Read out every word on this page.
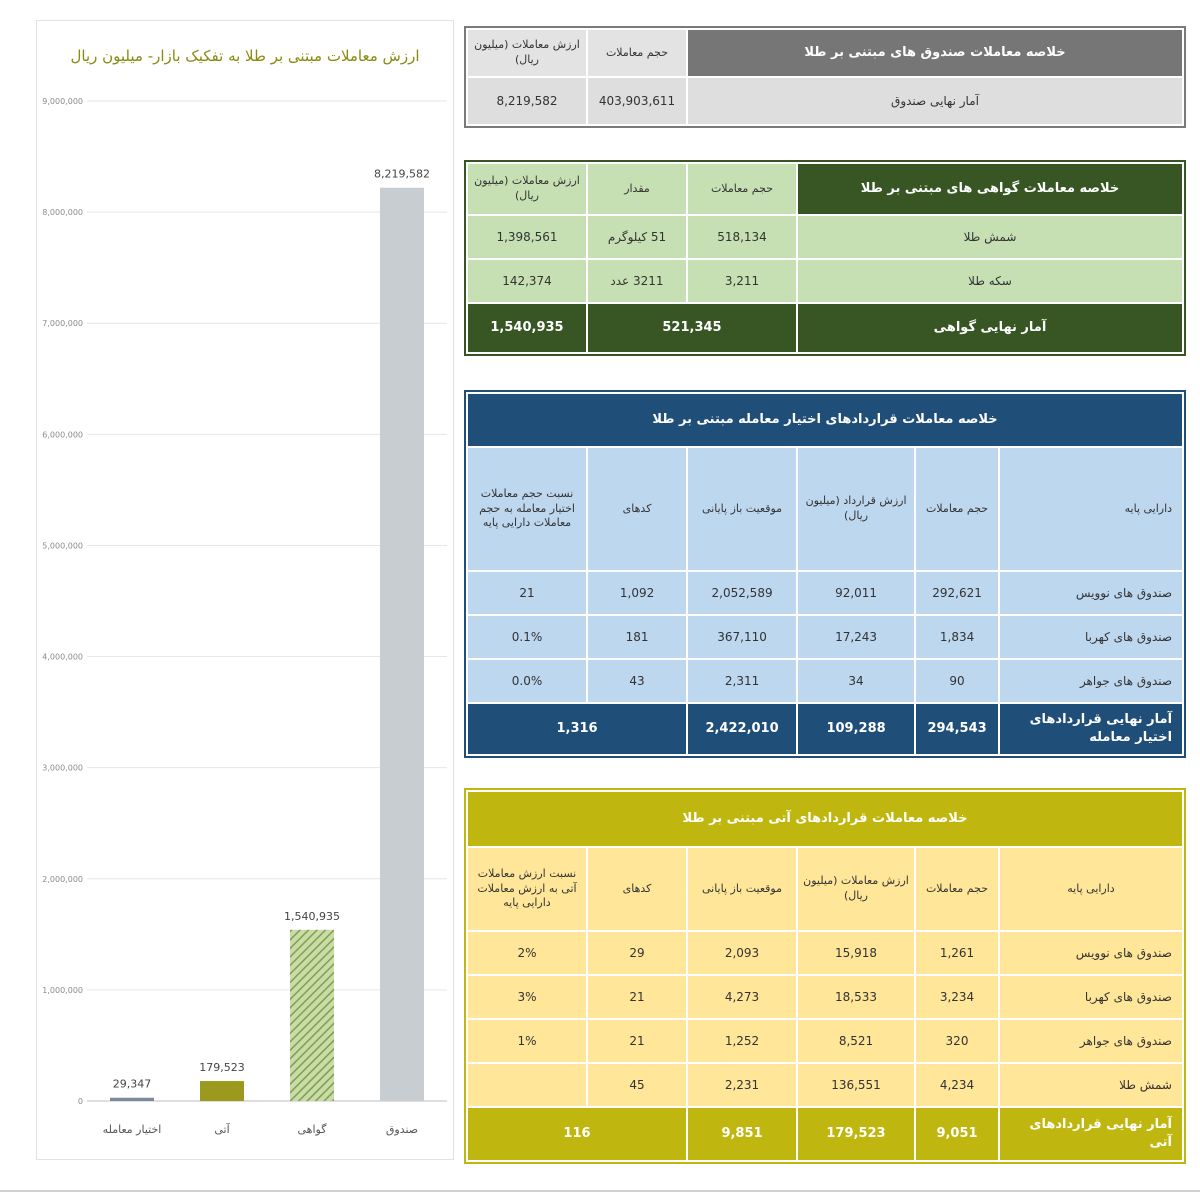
ارزش معاملات مبتنی بر طلا به تفکیک بازار- میلیون ریال
0
1,000,000
2,000,000
3,000,000
4,000,000
5,000,000
6,000,000
7,000,000
8,000,000
9,000,000
8,219,582
صندوق
1,540,935
گواهی
179,523
آتی
29,347
اختیار معامله
خلاصه معاملات صندوق های مبتنی بر طلا	حجم معاملات	ارزش معاملات (میلیون ریال)
آمار نهایی صندوق	403,903,611	8,219,582
خلاصه معاملات گواهی های مبتنی بر طلا	حجم معاملات	مقدار	ارزش معاملات (میلیون ریال)
شمش طلا	518,134	51 کیلوگرم	1,398,561
سکه طلا	3,211	3211 عدد	142,374
آمار نهایی گواهی	521,345		1,540,935
خلاصه معاملات قراردادهای اختیار معامله مبتنی بر طلا					
دارایی پایه	حجم معاملات	ارزش قرارداد (میلیون ریال)	موقعیت باز پایانی	کدهای	نسبت حجم معاملات اختیار معامله به حجم معاملات دارایی پایه
صندوق های نوویس	292,621	92,011	2,052,589	1,092	21
صندوق های کهربا	1,834	17,243	367,110	181	0.1%
صندوق های جواهر	90	34	2,311	43	0.0%
آمار نهایی قراردادهای اختیار معامله	294,543	109,288	2,422,010	1,316	
خلاصه معاملات قراردادهای آتی مبتنی بر طلا					
دارایی پایه	حجم معاملات	ارزش معاملات (میلیون ریال)	موقعیت باز پایانی	کدهای	نسبت ارزش معاملات آتی به ارزش معاملات دارایی پایه
صندوق های نوویس	1,261	15,918	2,093	29	2%
صندوق های کهربا	3,234	18,533	4,273	21	3%
صندوق های جواهر	320	8,521	1,252	21	1%
شمش طلا	4,234	136,551	2,231	45	
آمار نهایی قراردادهای آتی	9,051	179,523	9,851	116	
